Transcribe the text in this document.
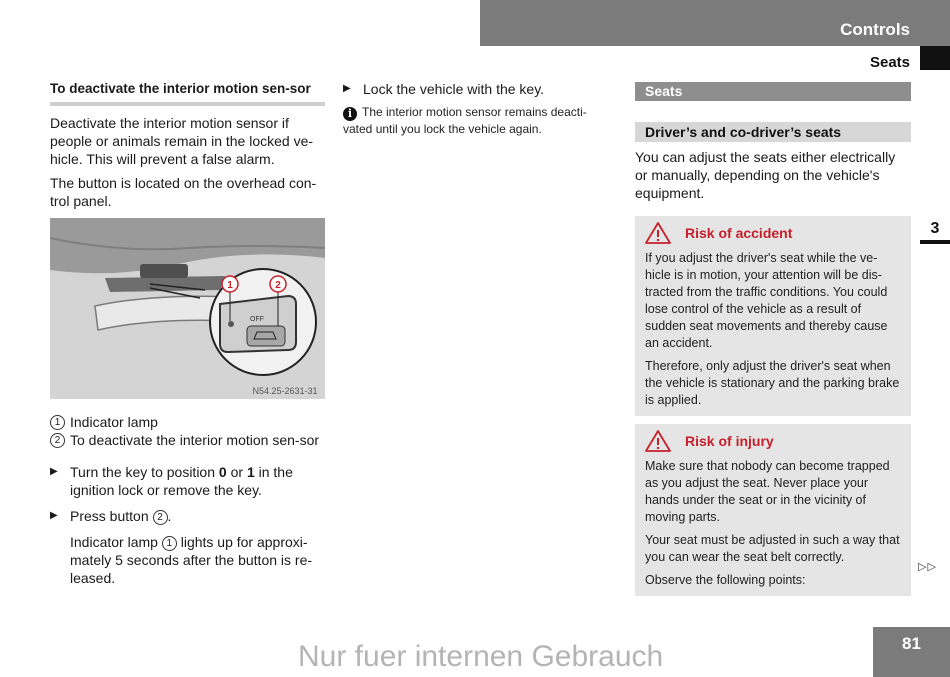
Controls
Seats
3
To deactivate the interior motion sen-sor

Deactivate the interior motion sensor if people or animals remain in the locked ve-hicle. This will prevent a false alarm.

The button is located on the overhead con-trol panel.

OFF
1	2
N54.25-2631-31
1 Indicator lamp
2 To deactivate the interior motion sen-sor
▶ Turn the key to position 0 or 1 in the ignition lock or remove the key.
▶ Press button 2 .
Indicator lamp 1 lights up for approxi-mately 5 seconds after the button is re-leased.
▶ Lock the vehicle with the key.
i The interior motion sensor remains deacti-vated until you lock the vehicle again.
Seats
Driver’s and co-driver’s seats
You can adjust the seats either electrically or manually, depending on the vehicle's equipment.
Risk of accident

If you adjust the driver's seat while the ve-hicle is in motion, your attention will be dis-tracted from the traffic conditions. You could lose control of the vehicle as a result of sudden seat movements and thereby cause an accident.

Therefore, only adjust the driver's seat when the vehicle is stationary and the parking brake is applied.

Risk of injury

Make sure that nobody can become trapped as you adjust the seat. Never place your hands under the seat or in the vicinity of moving parts.

Your seat must be adjusted in such a way that you can wear the seat belt correctly.

Observe the following points:

▷▷
81
Nur fuer internen Gebrauch
